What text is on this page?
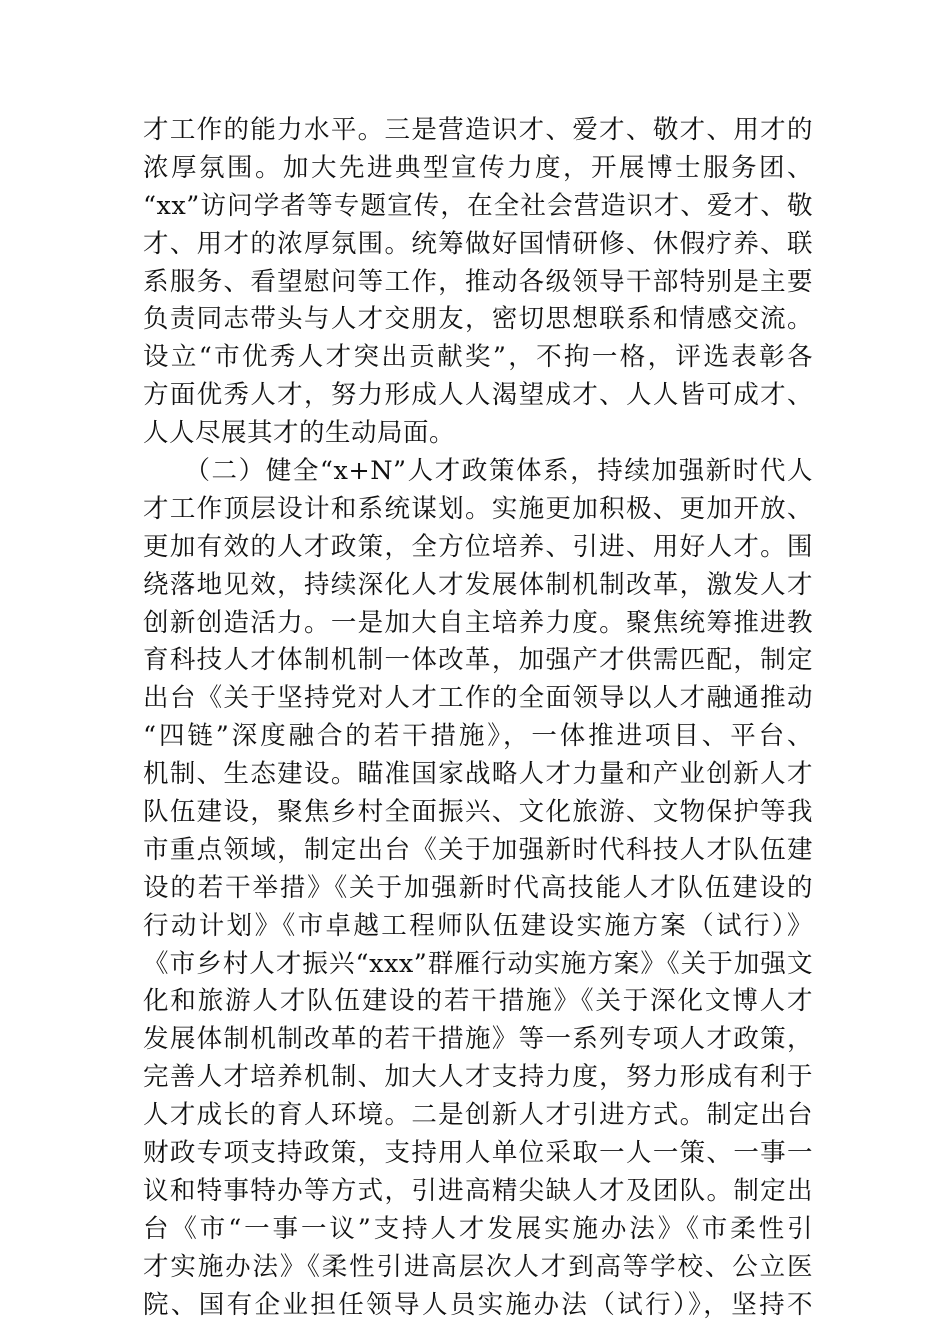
才工作的能力水平。三是营造识才、爱才、敬才、用才的
浓厚氛围。加大先进典型宣传力度，开展博士服务团、
“xx”访问学者等专题宣传，在全社会营造识才、爱才、敬
才、用才的浓厚氛围。统筹做好国情研修、休假疗养、联
系服务、看望慰问等工作，推动各级领导干部特别是主要
负责同志带头与人才交朋友，密切思想联系和情感交流。
设立“市优秀人才突出贡献奖”，不拘一格，评选表彰各
方面优秀人才，努力形成人人渴望成才、人人皆可成才、
人人尽展其才的生动局面。
　　（二）健全“x+N”人才政策体系，持续加强新时代人
才工作顶层设计和系统谋划。实施更加积极、更加开放、
更加有效的人才政策，全方位培养、引进、用好人才。围
绕落地见效，持续深化人才发展体制机制改革，激发人才
创新创造活力。一是加大自主培养力度。聚焦统筹推进教
育科技人才体制机制一体改革，加强产才供需匹配，制定
出台《关于坚持党对人才工作的全面领导以人才融通推动
“四链”深度融合的若干措施》，一体推进项目、平台、
机制、生态建设。瞄准国家战略人才力量和产业创新人才
队伍建设，聚焦乡村全面振兴、文化旅游、文物保护等我
市重点领域，制定出台《关于加强新时代科技人才队伍建
设的若干举措》《关于加强新时代高技能人才队伍建设的
行动计划》《市卓越工程师队伍建设实施方案（试行）》
《市乡村人才振兴“xxx”群雁行动实施方案》《关于加强文
化和旅游人才队伍建设的若干措施》《关于深化文博人才
发展体制机制改革的若干措施》等一系列专项人才政策，
完善人才培养机制、加大人才支持力度，努力形成有利于
人才成长的育人环境。二是创新人才引进方式。制定出台
财政专项支持政策，支持用人单位采取一人一策、一事一
议和特事特办等方式，引进高精尖缺人才及团队。制定出
台《市“一事一议”支持人才发展实施办法》《市柔性引
才实施办法》《柔性引进高层次人才到高等学校、公立医
院、国有企业担任领导人员实施办法（试行）》，坚持不
